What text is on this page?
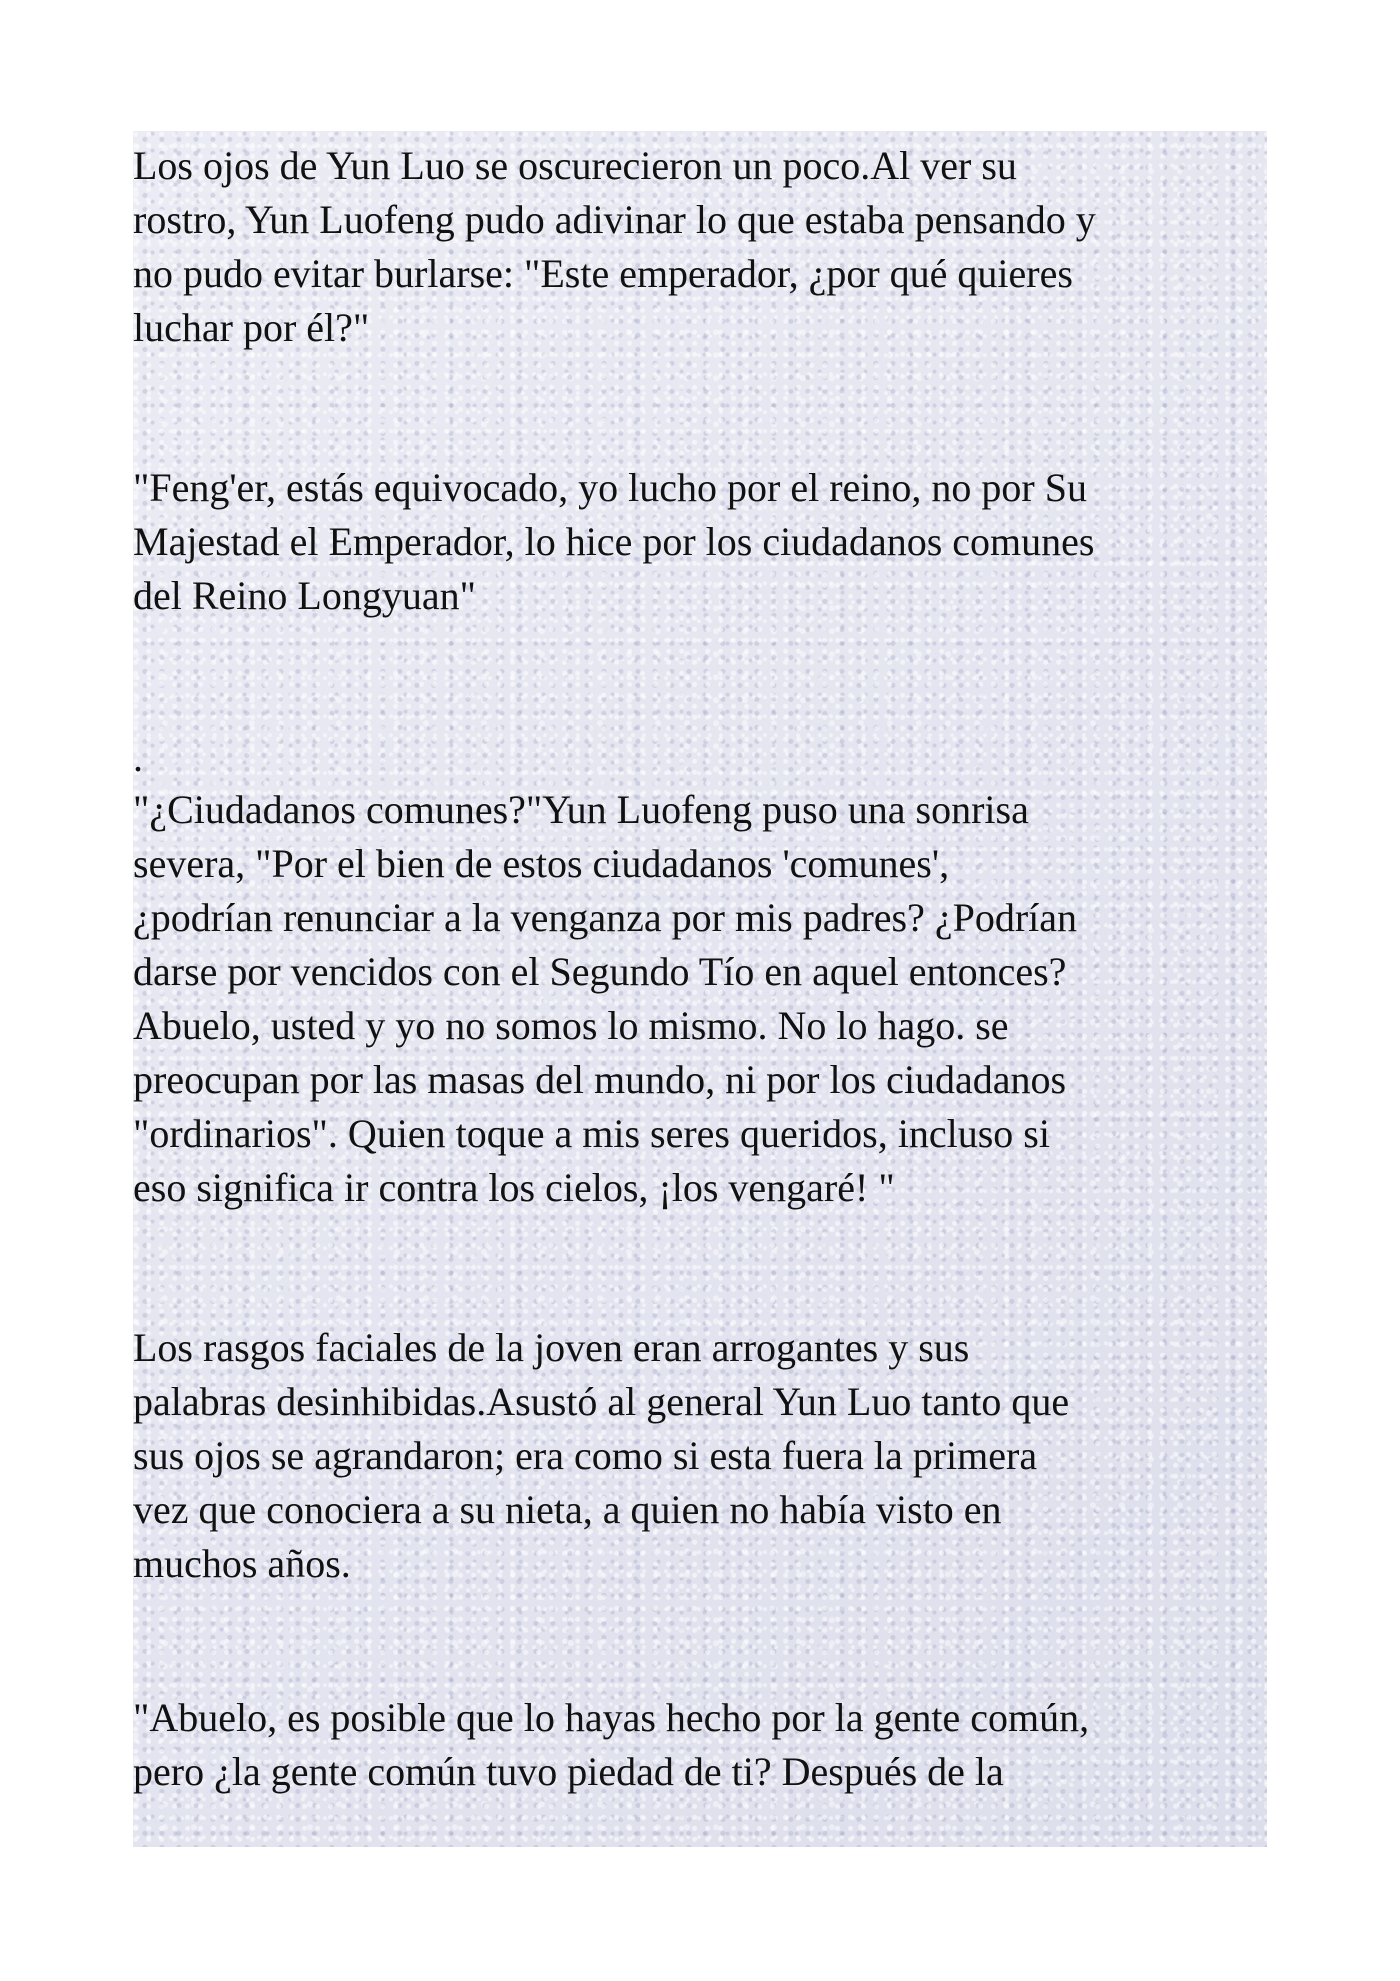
Los ojos de Yun Luo se oscurecieron un poco.Al ver su
rostro, Yun Luofeng pudo adivinar lo que estaba pensando y
no pudo evitar burlarse: "Este emperador, ¿por qué quieres
luchar por él?"

"Feng'er, estás equivocado, yo lucho por el reino, no por Su
Majestad el Emperador, lo hice por los ciudadanos comunes
del Reino Longyuan"

.

"¿Ciudadanos comunes?"Yun Luofeng puso una sonrisa
severa, "Por el bien de estos ciudadanos 'comunes',
¿podrían renunciar a la venganza por mis padres? ¿Podrían
darse por vencidos con el Segundo Tío en aquel entonces?
Abuelo, usted y yo no somos lo mismo. No lo hago. se
preocupan por las masas del mundo, ni por los ciudadanos
"ordinarios". Quien toque a mis seres queridos, incluso si
eso significa ir contra los cielos, ¡los vengaré! "

Los rasgos faciales de la joven eran arrogantes y sus
palabras desinhibidas.Asustó al general Yun Luo tanto que
sus ojos se agrandaron; era como si esta fuera la primera
vez que conociera a su nieta, a quien no había visto en
muchos años.

"Abuelo, es posible que lo hayas hecho por la gente común,
pero ¿la gente común tuvo piedad de ti? Después de la
